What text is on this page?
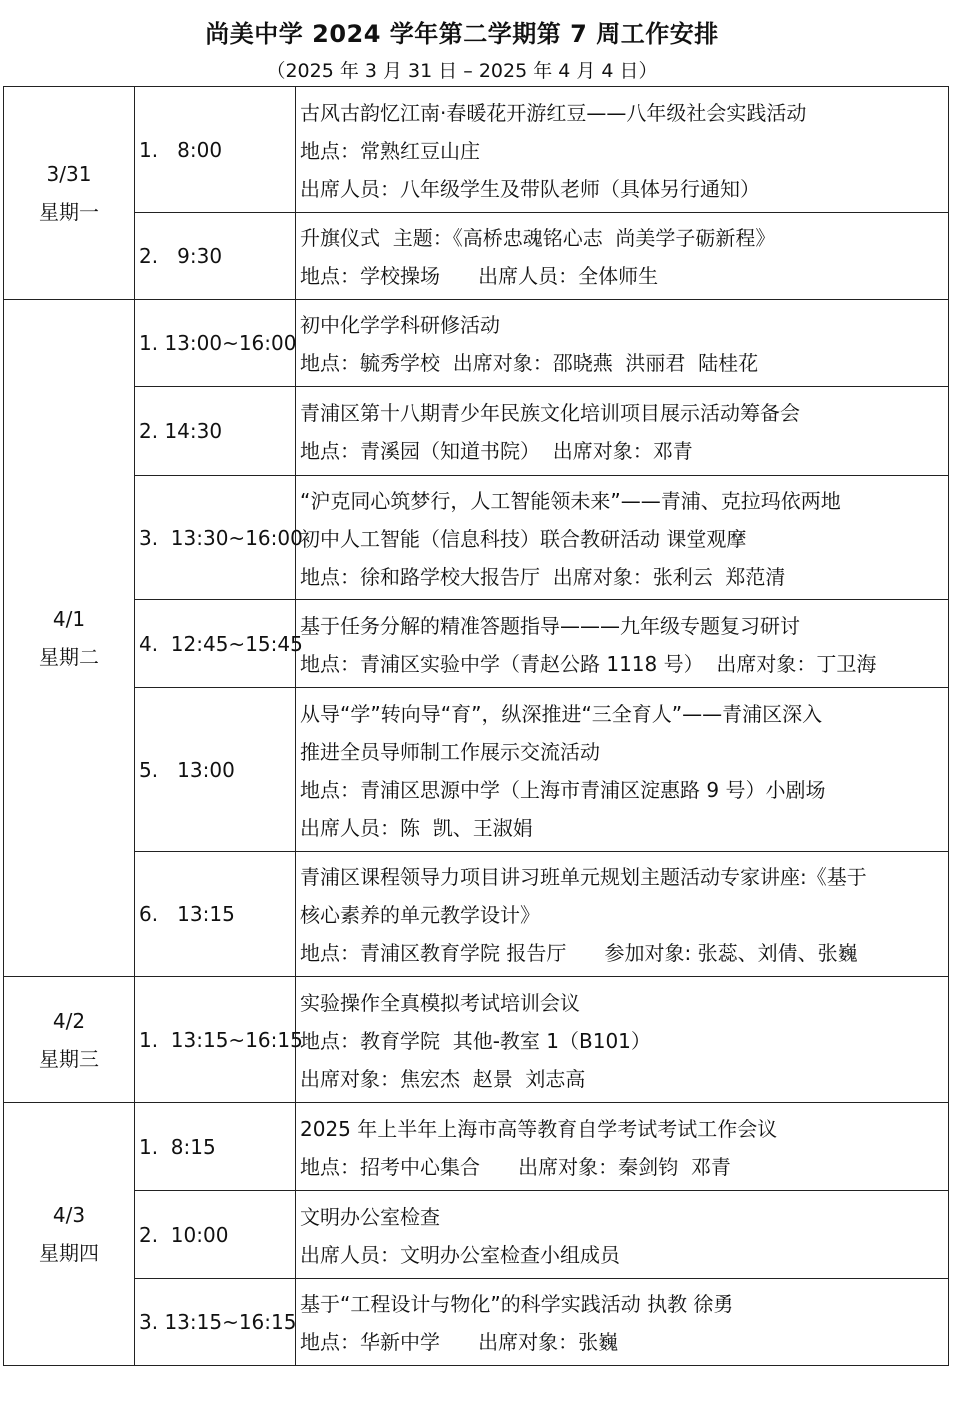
尚美中学 2024 学年第二学期第 7 周工作安排
（2025 年 3 月 31 日 – 2025 年 4 月 4 日）
3/31
星期一	1.   8:00	古风古韵忆江南·春暖花开游红豆——八年级社会实践活动
地点：常熟红豆山庄
出席人员：八年级学生及带队老师（具体另行通知）

	2.   9:30	升旗仪式  主题：《高桥忠魂铭心志  尚美学子砺新程》
地点：学校操场      出席人员：全体师生

4/1
星期二	1. 13:00~16:00	初中化学学科研修活动
地点：毓秀学校  出席对象：邵晓燕  洪丽君  陆桂花

	2. 14:30	青浦区第十八期青少年民族文化培训项目展示活动筹备会
地点：青溪园（知道书院）  出席对象：邓青

	3.  13:30~16:00	“沪克同心筑梦行，人工智能领未来”——青浦、克拉玛依两地
初中人工智能（信息科技）联合教研活动 课堂观摩
地点：徐和路学校大报告厅  出席对象：张利云  郑范清

	4.  12:45~15:45	基于任务分解的精准答题指导———九年级专题复习研讨
地点：青浦区实验中学（青赵公路 1118 号）  出席对象：丁卫海

	5.   13:00	从导“学”转向导“育”，纵深推进“三全育人”——青浦区深入
推进全员导师制工作展示交流活动
地点：青浦区思源中学（上海市青浦区淀惠路 9 号）小剧场
出席人员：陈  凯、王淑娟

	6.   13:15	青浦区课程领导力项目讲习班单元规划主题活动专家讲座:《基于
核心素养的单元教学设计》
地点：青浦区教育学院 报告厅      参加对象: 张蕊、刘倩、张巍

4/2
星期三	1.  13:15~16:15	实验操作全真模拟考试培训会议
地点：教育学院  其他-教室 1（B101）
出席对象：焦宏杰  赵景  刘志高

4/3
星期四	1.  8:15	2025 年上半年上海市高等教育自学考试考试工作会议
地点：招考中心集合      出席对象：秦剑钧  邓青

	2.  10:00	文明办公室检查
出席人员：文明办公室检查小组成员

	3. 13:15~16:15	基于“工程设计与物化”的科学实践活动 执教 徐勇
地点：华新中学      出席对象：张巍
